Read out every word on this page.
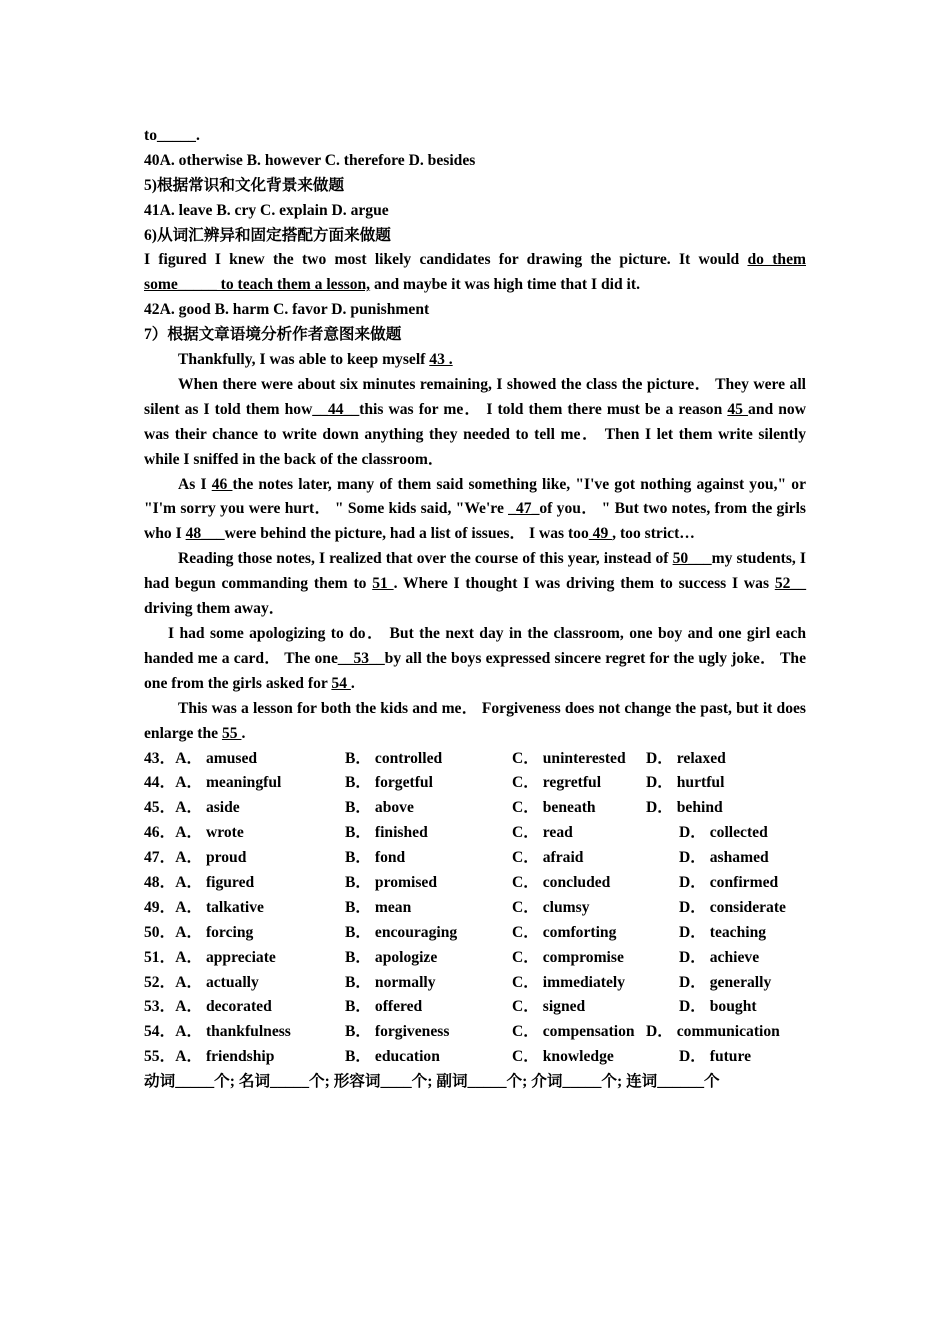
to_____.
40A. otherwise B. however C. therefore D. besides
5)根据常识和文化背景来做题
41A. leave B. cry C. explain D. argue
6)从词汇辨异和固定搭配方面来做题
I figured I knew the two most likely candidates for drawing the picture. It would do them some_____ to teach them a lesson, and maybe it was high time that I did it.
42A. good B. harm C. favor D. punishment
7）根据文章语境分析作者意图来做题
Thankfully, I was able to keep myself 43 .
When there were about six minutes remaining, I showed the class the picture． They were all silent as I told them how__44__this was for me． I told them there must be a reason 45 and now was their chance to write down anything they needed to tell me． Then I let them write silently while I sniffed in the back of the classroom．
As I 46 the notes later, many of them said something like, "I've got nothing against you," or "I'm sorry you were hurt． " Some kids said, "We're _47_of you． " But two notes, from the girls who I 48___were behind the picture, had a list of issues． I was too 49 , too strict…
Reading those notes, I realized that over the course of this year, instead of 50___my students, I had begun commanding them to 51 . Where I thought I was driving them to success I was 52__ driving them away．
I had some apologizing to do． But the next day in the classroom, one boy and one girl each handed me a card． The one__53__by all the boys expressed sincere regret for the ugly joke． The one from the girls asked for 54 .
This was a lesson for both the kids and me． Forgiveness does not change the past, but it does enlarge the 55 .
43．A． amused	B． controlled	C． uninterested D． relaxed
44．A． meaningful	B． forgetful	C． regretful	D． hurtful
45．A． aside	B． above	C． beneath	D． behind
46．A． wrote	B． finished	C． read	D． collected
47．A． proud	B． fond	C． afraid	D． ashamed
48．A． figured	B． promised	C． concluded	D． confirmed
49．A． talkative	B． mean	C． clumsy	D． considerate
50．A． forcing	B． encouraging	C． comforting	D． teaching
51．A． appreciate	B． apologize	C． compromise	D． achieve
52．A． actually	B． normally	C． immediately	D． generally
53．A． decorated	B． offered	C． signed	D． bought
54．A． thankfulness	B． forgiveness	C． compensation D． communication
55．A． friendship	B． education	C． knowledge	D． future
动词_____个; 名词_____个; 形容词____个; 副词_____个; 介词_____个; 连词______个
